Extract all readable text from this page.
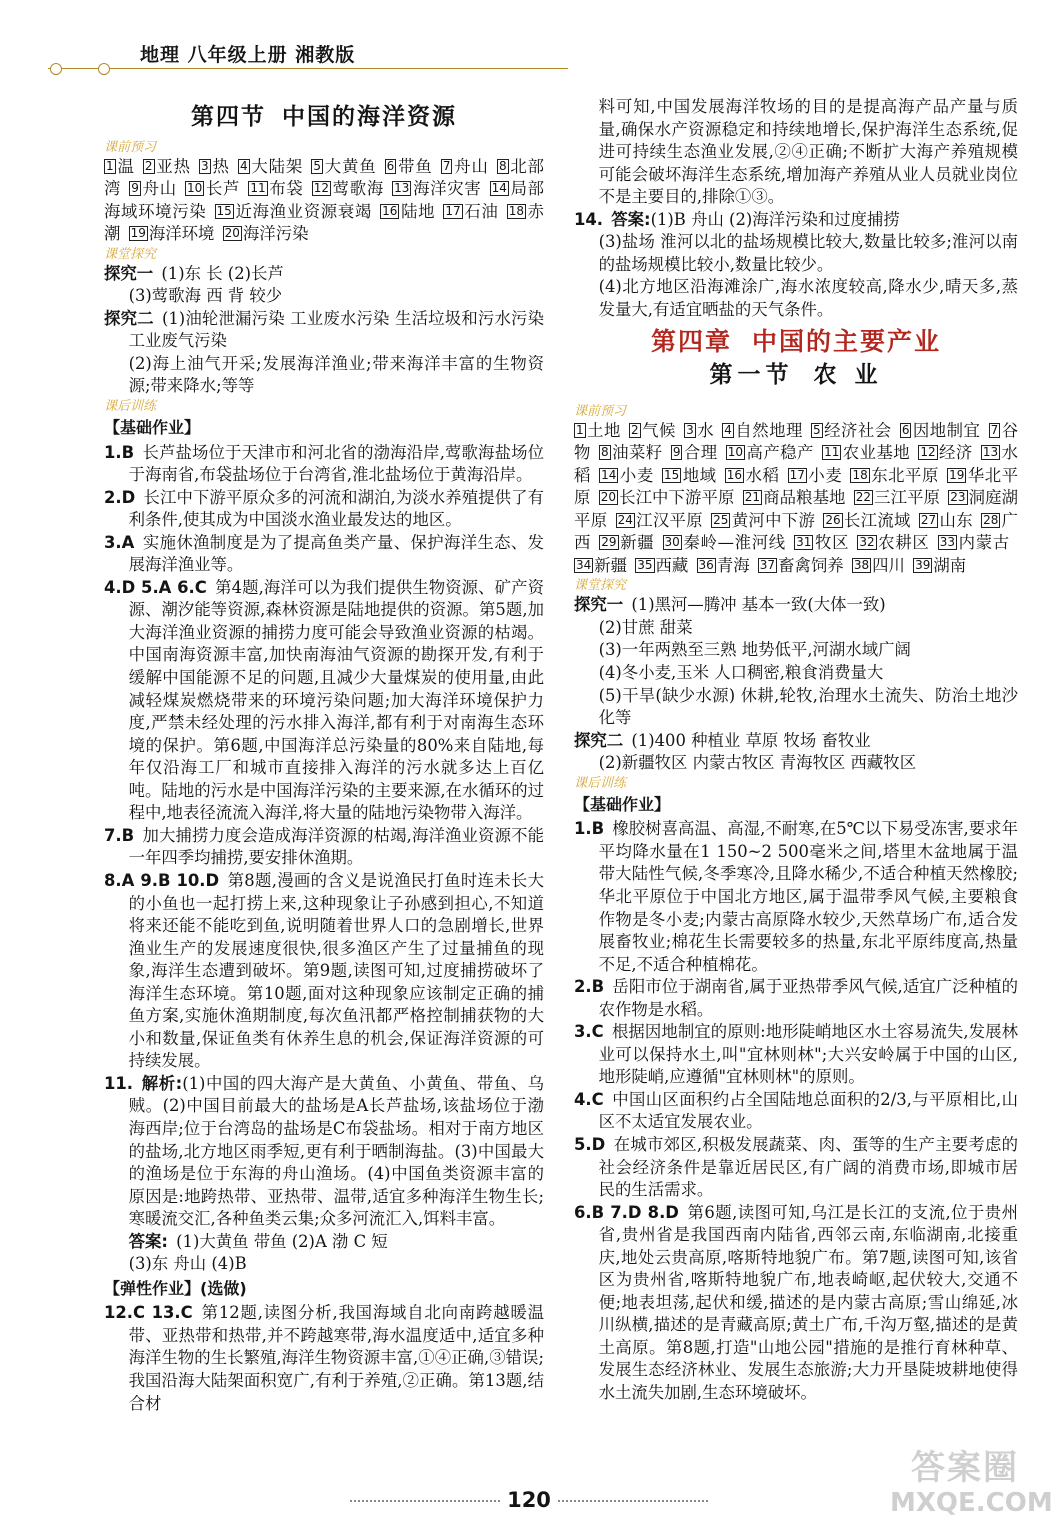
地理 八年级上册 湘教版
第四节 中国的海洋资源

课前预习

1 温  2 亚热  3 热  4 大陆架  5 大黄鱼  6 带鱼  7 舟山  8 北部湾  9 舟山  10 长芦  11 布袋  12 莺歌海  13 海洋灾害  14 局部海域环境污染  15 近海渔业资源衰竭  16 陆地  17 石油  18 赤潮  19 海洋环境  20 海洋污染 

课堂探究

探究一  (1)东 长 (2)长芦

(3)莺歌海 西 背 较少

探究二  (1)油轮泄漏污染 工业废水污染 生活垃圾和污水污染 工业废气污染

(2)海上油气开采;发展海洋渔业;带来海洋丰富的生物资源;带来降水;等等

课后训练

【基础作业】

1.B  长芦盐场位于天津市和河北省的渤海沿岸,莺歌海盐场位于海南省,布袋盐场位于台湾省,淮北盐场位于黄海沿岸。

2.D  长江中下游平原众多的河流和湖泊,为淡水养殖提供了有利条件,使其成为中国淡水渔业最发达的地区。

3.A  实施休渔制度是为了提高鱼类产量、保护海洋生态、发展海洋渔业等。

4.D 5.A 6.C  第4题,海洋可以为我们提供生物资源、矿产资源、潮汐能等资源,森林资源是陆地提供的资源。第5题,加大海洋渔业资源的捕捞力度可能会导致渔业资源的枯竭。中国南海资源丰富,加快南海油气资源的勘探开发,有利于缓解中国能源不足的问题,且减少大量煤炭的使用量,由此减轻煤炭燃烧带来的环境污染问题;加大海洋环境保护力度,严禁未经处理的污水排入海洋,都有利于对南海生态环境的保护。第6题,中国海洋总污染量的80%来自陆地,每年仅沿海工厂和城市直接排入海洋的污水就多达上百亿吨。陆地的污水是中国海洋污染的主要来源,在水循环的过程中,地表径流流入海洋,将大量的陆地污染物带入海洋。

7.B  加大捕捞力度会造成海洋资源的枯竭,海洋渔业资源不能一年四季均捕捞,要安排休渔期。

8.A 9.B 10.D  第8题,漫画的含义是说渔民打鱼时连未长大的小鱼也一起打捞上来,这种现象让子孙感到担心,不知道将来还能不能吃到鱼,说明随着世界人口的急剧增长,世界渔业生产的发展速度很快,很多渔区产生了过量捕鱼的现象,海洋生态遭到破坏。第9题,读图可知,过度捕捞破坏了海洋生态环境。第10题,面对这种现象应该制定正确的捕鱼方案,实施休渔期制度,每次鱼汛都严格控制捕获物的大小和数量,保证鱼类有休养生息的机会,保证海洋资源的可持续发展。

11.  解析:(1)中国的四大海产是大黄鱼、小黄鱼、带鱼、乌贼。(2)中国目前最大的盐场是A长芦盐场,该盐场位于渤海西岸;位于台湾岛的盐场是C布袋盐场。相对于南方地区的盐场,北方地区雨季短,更有利于晒制海盐。(3)中国最大的渔场是位于东海的舟山渔场。(4)中国鱼类资源丰富的原因是:地跨热带、亚热带、温带,适宜多种海洋生物生长;寒暖流交汇,各种鱼类云集;众多河流汇入,饵料丰富。

答案:  (1)大黄鱼 带鱼 (2)A 渤 C 短

(3)东 舟山 (4)B

【弹性作业】(选做)

12.C 13.C  第12题,读图分析,我国海域自北向南跨越暖温带、亚热带和热带,并不跨越寒带,海水温度适中,适宜多种海洋生物的生长繁殖,海洋生物资源丰富,①④正确,③错误;我国沿海大陆架面积宽广,有利于养殖,②正确。第13题,结合材

料可知,中国发展海洋牧场的目的是提高海产品产量与质量,确保水产资源稳定和持续地增长,保护海洋生态系统,促进可持续生态渔业发展,②④正确;不断扩大海产养殖规模可能会破坏海洋生态系统,增加海产养殖从业人员就业岗位不是主要目的,排除①③。

14.  答案:(1)B 舟山 (2)海洋污染和过度捕捞

(3)盐场 淮河以北的盐场规模比较大,数量比较多;淮河以南的盐场规模比较小,数量比较少。

(4)北方地区沿海滩涂广,海水浓度较高,降水少,晴天多,蒸发量大,有适宜晒盐的天气条件。

第四章 中国的主要产业
第一节 农 业

课前预习

1 土地  2 气候  3 水  4 自然地理  5 经济社会  6 因地制宜  7 谷物  8 油菜籽  9 合理  10 高产稳产  11 农业基地  12 经济  13 水稻  14 小麦  15 地域  16 水稻  17 小麦  18 东北平原  19 华北平原  20 长江中下游平原  21 商品粮基地  22 三江平原  23 洞庭湖平原  24 江汉平原  25 黄河中下游  26 长江流域  27 山东  28 广西  29 新疆  30 秦岭—淮河线  31 牧区  32 农耕区  33 内蒙古 34 新疆  35 西藏  36 青海  37 畜禽饲养  38 四川  39 湖南 

课堂探究

探究一  (1)黑河—腾冲 基本一致(大体一致)

(2)甘蔗 甜菜

(3)一年两熟至三熟 地势低平,河湖水域广阔

(4)冬小麦,玉米 人口稠密,粮食消费量大

(5)干旱(缺少水源) 休耕,轮牧,治理水土流失、防治土地沙化等

探究二  (1)400 种植业 草原 牧场 畜牧业

(2)新疆牧区 内蒙古牧区 青海牧区 西藏牧区

课后训练

【基础作业】

1.B  橡胶树喜高温、高湿,不耐寒,在5℃以下易受冻害,要求年平均降水量在1 150~2 500毫米之间,塔里木盆地属于温带大陆性气候,冬季寒冷,且降水稀少,不适合种植天然橡胶;华北平原位于中国北方地区,属于温带季风气候,主要粮食作物是冬小麦;内蒙古高原降水较少,天然草场广布,适合发展畜牧业;棉花生长需要较多的热量,东北平原纬度高,热量不足,不适合种植棉花。

2.B  岳阳市位于湖南省,属于亚热带季风气候,适宜广泛种植的农作物是水稻。

3.C  根据因地制宜的原则:地形陡峭地区水土容易流失,发展林业可以保持水土,叫"宜林则林";大兴安岭属于中国的山区,地形陡峭,应遵循"宜林则林"的原则。

4.C  中国山区面积约占全国陆地总面积的2/3,与平原相比,山区不太适宜发展农业。

5.D  在城市郊区,积极发展蔬菜、肉、蛋等的生产主要考虑的社会经济条件是靠近居民区,有广阔的消费市场,即城市居民的生活需求。

6.B 7.D 8.D  第6题,读图可知,乌江是长江的支流,位于贵州省,贵州省是我国西南内陆省,西邻云南,东临湖南,北接重庆,地处云贵高原,喀斯特地貌广布。第7题,读图可知,该省区为贵州省,喀斯特地貌广布,地表崎岖,起伏较大,交通不便;地表坦荡,起伏和缓,描述的是内蒙古高原;雪山绵延,冰川纵横,描述的是青藏高原;黄土广布,千沟万壑,描述的是黄土高原。第8题,打造"山地公园"措施的是推行育林种草、发展生态经济林业、发展生态旅游;大力开垦陡坡耕地使得水土流失加剧,生态环境破坏。

120
答案圈
MXQE.COM
